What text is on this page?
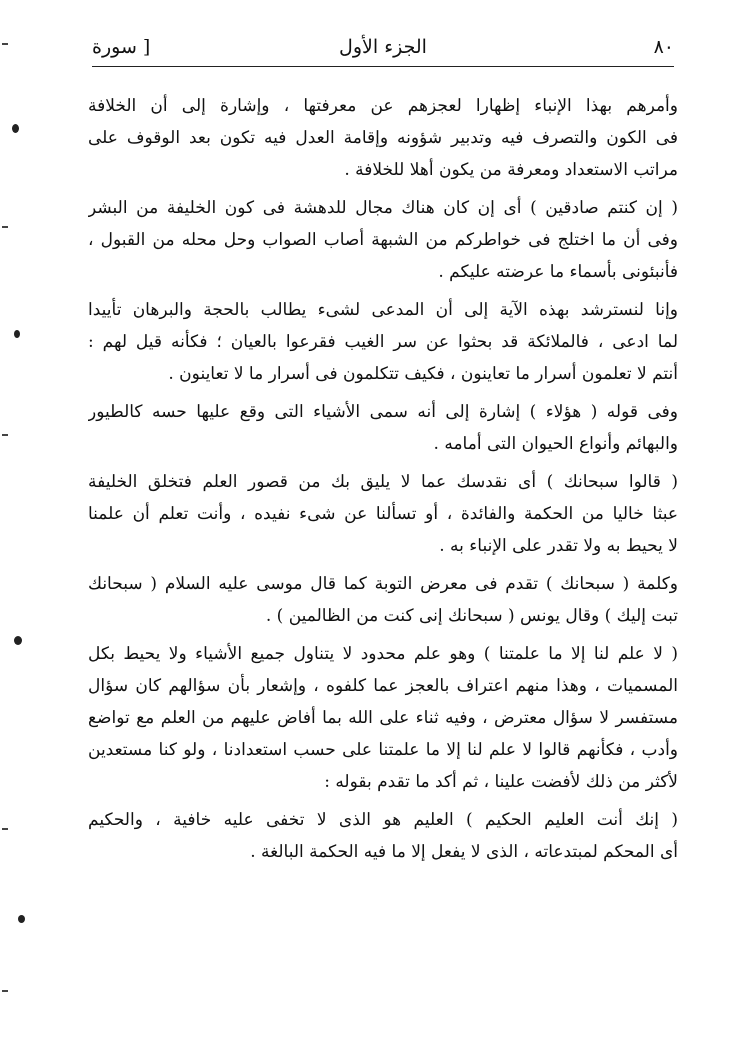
٨٠
الجزء الأول
[ سورة
وأمرهم بهذا الإنباء إظهارا لعجزهم عن معرفتها ، وإشارة إلى أن الخلافة
فى الكون والتصرف فيه وتدبير شؤونه وإقامة العدل فيه تكون بعد الوقوف على
مراتب الاستعداد ومعرفة من يكون أهلا للخلافة .
( إن كنتم صادقين ) أى إن كان هناك مجال للدهشة فى كون الخليفة من البشر
وفى أن ما اختلج فى خواطركم من الشبهة أصاب الصواب وحل محله من القبول ،
فأنبئونى بأسماء ما عرضته عليكم .
وإنا لنسترشد بهذه الآية إلى أن المدعى لشىء يطالب بالحجة والبرهان تأييدا
لما ادعى ، فالملائكة قد بحثوا عن سر الغيب فقرعوا بالعيان ؛ فكأنه قيل لهم :
أنتم لا تعلمون أسرار ما تعاينون ، فكيف تتكلمون فى أسرار ما لا تعاينون .
وفى قوله ( هؤلاء ) إشارة إلى أنه سمى الأشياء التى وقع عليها حسه كالطيور
والبهائم وأنواع الحيوان التى أمامه .
( قالوا سبحانك ) أى نقدسك عما لا يليق بك من قصور العلم فتخلق الخليفة
عبثا خاليا من الحكمة والفائدة ، أو تسألنا عن شىء نفيده ، وأنت تعلم أن علمنا
لا يحيط به ولا تقدر على الإنباء به .
وكلمة ( سبحانك ) تقدم فى معرض التوبة كما قال موسى عليه السلام ( سبحانك
تبت إليك ) وقال يونس ( سبحانك إنى كنت من الظالمين ) .
( لا علم لنا إلا ما علمتنا ) وهو علم محدود لا يتناول جميع الأشياء ولا يحيط بكل
المسميات ، وهذا منهم اعتراف بالعجز عما كلفوه ، وإشعار بأن سؤالهم كان سؤال
مستفسر لا سؤال معترض ، وفيه ثناء على الله بما أفاض عليهم من العلم مع تواضع
وأدب ، فكأنهم قالوا لا علم لنا إلا ما علمتنا على حسب استعدادنا ، ولو كنا مستعدين
لأكثر من ذلك لأفضت علينا ، ثم أكد ما تقدم بقوله :
( إنك أنت العليم الحكيم ) العليم هو الذى لا تخفى عليه خافية ، والحكيم
أى المحكم لمبتدعاته ، الذى لا يفعل إلا ما فيه الحكمة البالغة .
